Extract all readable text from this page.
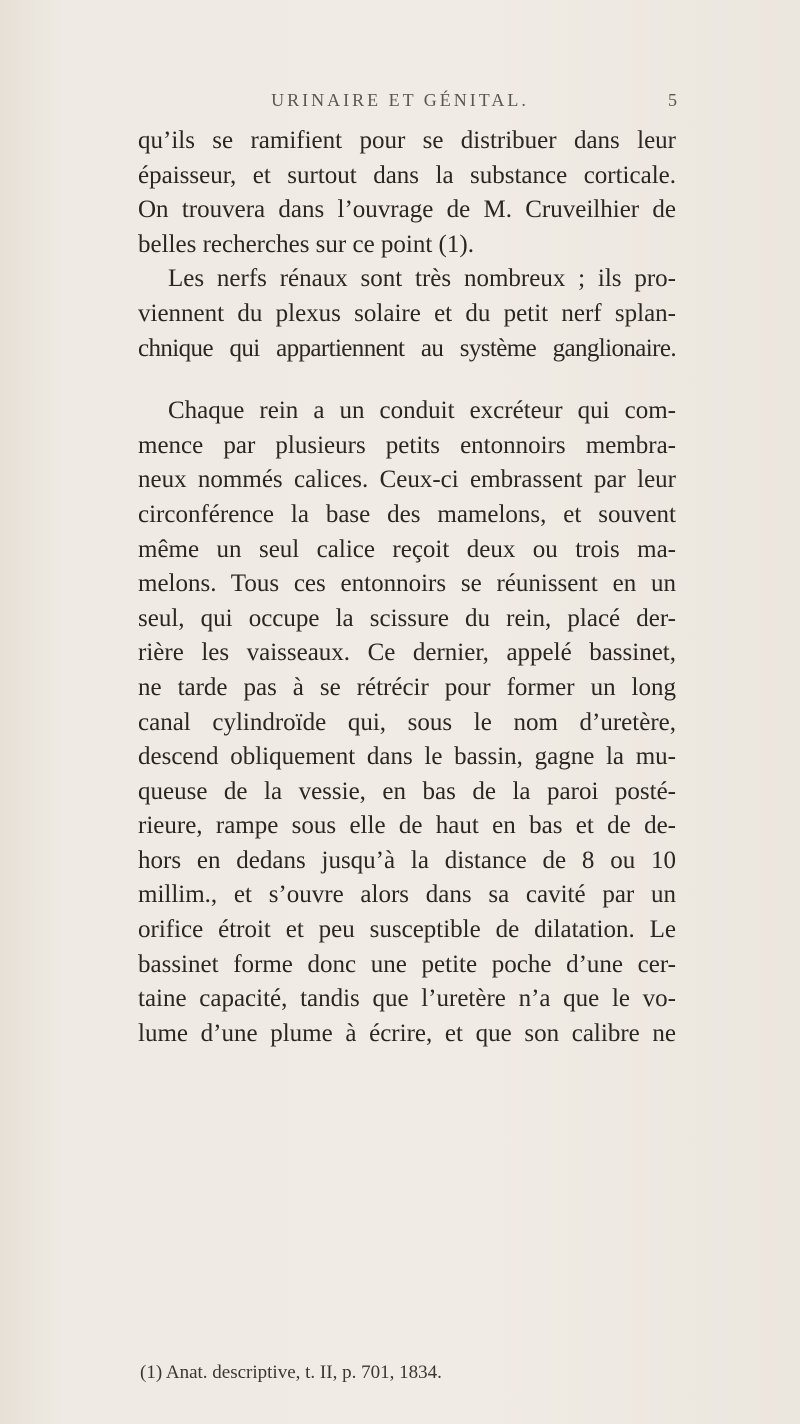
URINAIRE ET GÉNITAL.	5
qu’ils se ramifient pour se distribuer dans leur
épaisseur, et surtout dans la substance corticale.
On trouvera dans l’ouvrage de M. Cruveilhier de
belles recherches sur ce point (1).
Les nerfs rénaux sont très nombreux ; ils pro-
viennent du plexus solaire et du petit nerf splan-
chnique qui appartiennent au système ganglionaire.
Chaque rein a un conduit excréteur qui com-
mence par plusieurs petits entonnoirs membra-
neux nommés calices. Ceux-ci embrassent par leur
circonférence la base des mamelons, et souvent
même un seul calice reçoit deux ou trois ma-
melons. Tous ces entonnoirs se réunissent en un
seul, qui occupe la scissure du rein, placé der-
rière les vaisseaux. Ce dernier, appelé bassinet,
ne tarde pas à se rétrécir pour former un long
canal cylindroïde qui, sous le nom d’uretère,
descend obliquement dans le bassin, gagne la mu-
queuse de la vessie, en bas de la paroi posté-
rieure, rampe sous elle de haut en bas et de de-
hors en dedans jusqu’à la distance de 8 ou 10
millim., et s’ouvre alors dans sa cavité par un
orifice étroit et peu susceptible de dilatation. Le
bassinet forme donc une petite poche d’une cer-
taine capacité, tandis que l’uretère n’a que le vo-
lume d’une plume à écrire, et que son calibre ne
(1) Anat. descriptive, t. II, p. 701, 1834.
